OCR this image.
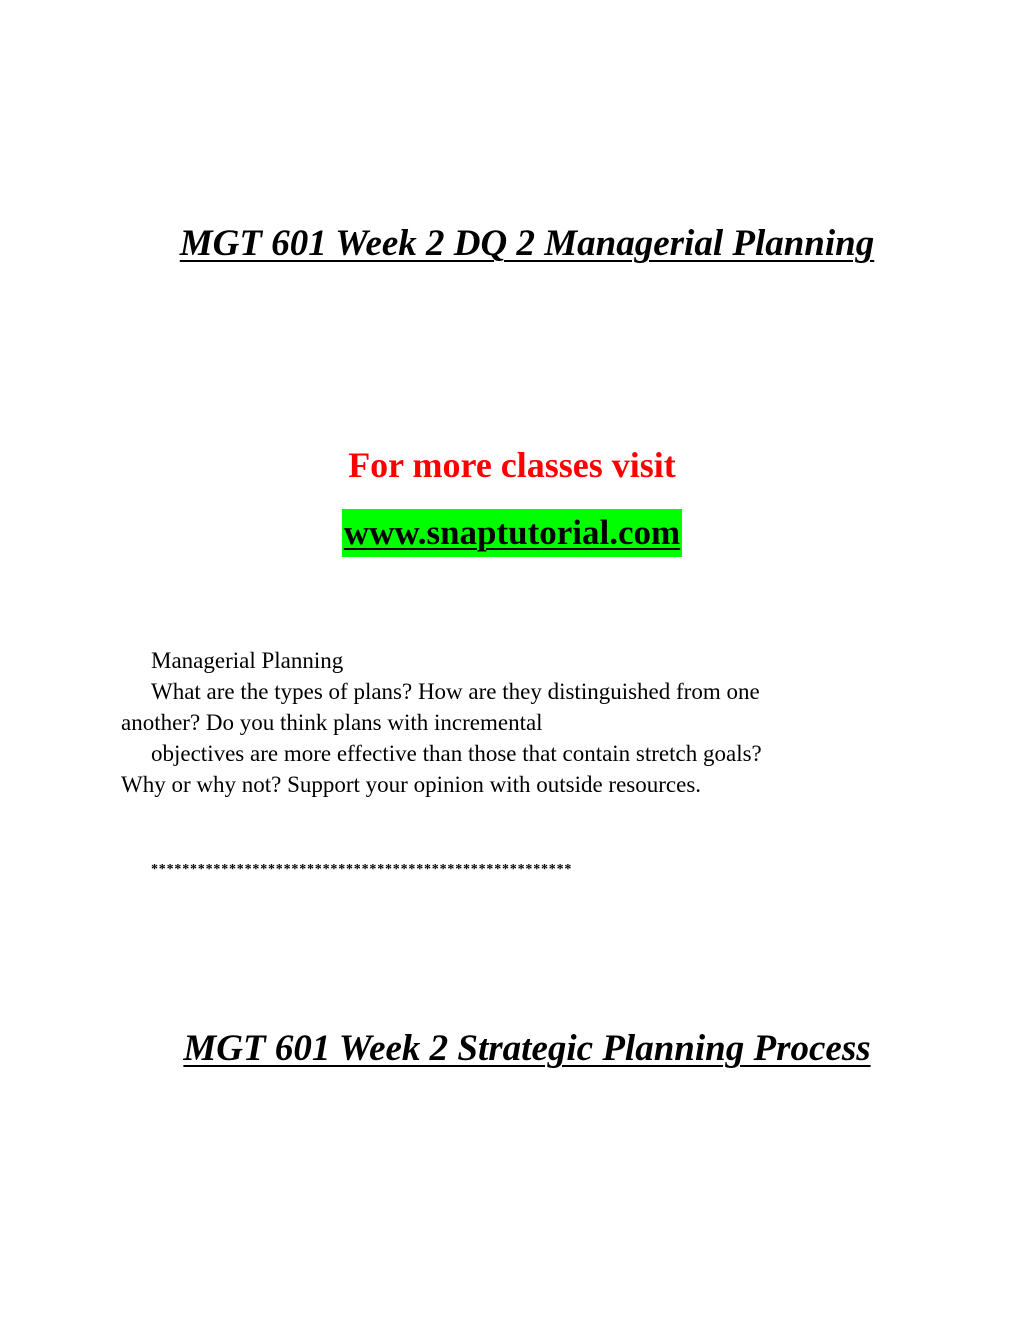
MGT 601 Week 2 DQ 2 Managerial Planning
For more classes visit
www.snaptutorial.com
Managerial Planning
What are the types of plans? How are they distinguished from one
another? Do you think plans with incremental
objectives are more effective than those that contain stretch goals?
Why or why not? Support your opinion with outside resources.
******************************************************
MGT 601 Week 2 Strategic Planning Process
